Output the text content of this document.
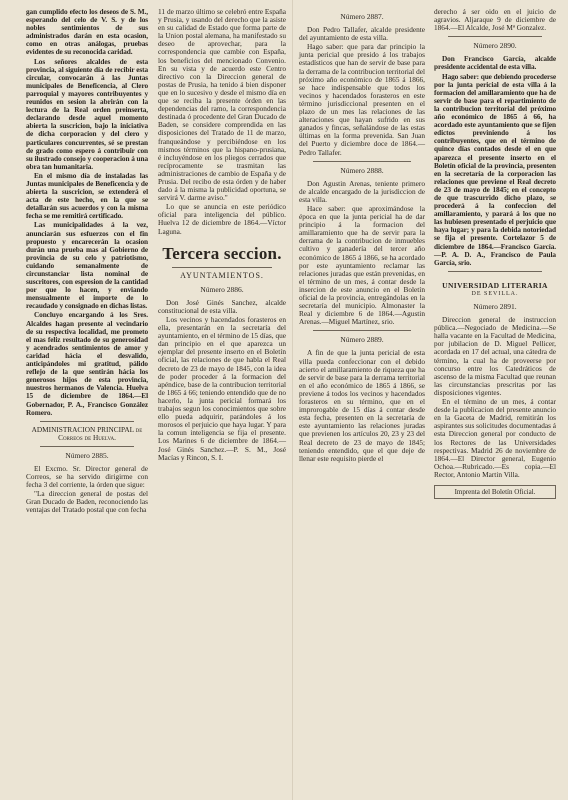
gan cumplido efecto los deseos de S. M., esperando del celo de V. S. y de los nobles sentimientos de sus administrados darán en esta ocasion, como en otras análogas, pruebas evidentes de su reconocida caridad.

Los señores alcaldes de esta provincia, al siguiente día de recibir esta circular, convocarán á las Juntas municipales de Beneficencia, al Clero parroquial y mayores contribuyentes y reunidos en sesion la abrirán con la lectura de la Real orden preinserta, declarando desde aquel momento abierta la suscricion, bajo la iniciativa de dicha corporacion y del clero y particulares concurrentes, sé se prestan de grado como espero á contribuir con su ilustrado consejo y cooperacion á una obra tan humanitaria.

En el mismo día de instaladas las Juntas municipales de Beneficencia y de abierta la suscricion, se extenderá el acta de este hecho, en la que se detallarán sus acuerdos y con la misma fecha se me remitirá certificado.

Las municipalidades á la vez, anunciarán sus esfuerzos con el fin propuesto y encarecerán la ocasion durán una prueba mas al Gobierno de provincia de su celo y patriotismo, cuidando semanalmente de circunstanciar lista nominal de suscritores, con espresion de la cantidad por que lo hacen, y enviando mensualmente el importe de lo recaudado y consignado en dichas listas.

Concluyo encargando á los Sres. Alcaldes hagan presente al vecindario de su respectiva localidad, me prometo el mas feliz resultado de su generosidad y acendrados sentimientos de amor y caridad hácia el desvalido, anticipándoles mi gratitud, pálido reflejo de la que sentirán hácia los generosos hijos de esta provincia, nuestros hermanos de Valencia. Huelva 15 de diciembre de 1864.—El Gobernador, P. A., Francisco González Romero.

ADMINISTRACION PRINCIPAL de Correos de Huelva.
Número 2885.

El Excmo. Sr. Director general de Correos, se ha servido dirigirme con fecha 3 del corriente, la órden que sigue:

"La direccion general de postas del Gran Ducado de Baden, reconociendo las ventajas del Tratado postal que con fecha

11 de marzo último se celebró entre España y Prusia, y usando del derecho que la asiste en su calidad de Estado que forma parte de la Union postal alemana, ha manifestado su deseo de aprovechar, para la correspondencia que cambie con España, los beneficios del mencionado Convenio. En su vista y de acuerdo este Centro directivo con la Direccion general de postas de Prusia, ha tenido á bien disponer que en lo sucesivo y desde el mismo día en que se reciba la presente órden en las dependencias del ramo, la correspondencia destinada ó procedente del Gran Ducado de Baden, se considere comprendida en las disposiciones del Tratado de 11 de marzo, franqueándose y percibiéndose en los mismos términos que la hispano-prusiana, é incluyéndose en los pliegos cerrados que recíprocamente se trasmitan las administraciones de cambio de España y de Prusia. Del recibo de esta órden y de haber dado á la misma la publicidad oportuna, se servirá V. darme aviso."

Lo que se anuncia en este periódico oficial para inteligencia del público. Huelva 12 de diciembre de 1864.—Víctor Laguna.

Tercera seccion.
AYUNTAMIENTOS.
Número 2886.

Don José Ginés Sanchez, alcalde constitucional de esta villa.

Los vecinos y hacendados forasteros en ella, presentarán en la secretaría del ayuntamiento, en el término de 15 días, que dan principio en el que aparezca un ejemplar del presente inserto en el Boletín oficial, las relaciones de que habla el Real decreto de 23 de mayo de 1845, con la idea de poder proceder á la formacion del apéndice, base de la contribucion territorial de 1865 á 66; teniendo entendido que de no hacerlo, la junta pericial formará los trabajos segun los conocimientos que sobre ello pueda adquirir, parándoles á los morosos el perjuicio que haya lugar. Y para la comun inteligencia se fija el presente. Los Marines 6 de diciembre de 1864.—José Ginés Sanchez.—P. S. M., José Macías y Rincon, S. I.

Número 2887.

Don Pedro Tallafer, alcalde presidente del ayuntamiento de esta villa.

Hago saber: que para dar principio la junta pericial que presido á los trabajos estadísticos que han de servir de base para la derrama de la contribucion territorial del próximo año económico de 1865 á 1866, se hace indispensable que todos los vecinos y hacendados forasteros en este término jurisdiccional presenten en el plazo de un mes las relaciones de las alteraciones que hayan sufrido en sus ganados y fincas, señalándose de las estas últimas en la forma prevenida. San Juan del Puerto y diciembre doce de 1864.—Pedro Tallafer.

Número 2888.

Don Agustin Arenas, teniente primero de alcalde encargado de la jurisdiccion de esta villa.

Hace saber: que aproximándose la época en que la junta pericial ha de dar principio á la formacion del amillaramiento que ha de servir para la derrama de la contribucion de inmuebles cultivo y ganadería del tercer año económico de 1865 á 1866, se ha acordado por este ayuntamiento reclamar las relaciones juradas que están prevenidas, en el término de un mes, á contar desde la insercion de este anuncio en el Boletín oficial de la provincia, entregándolas en la secretaría del municipio. Almonaster la Real y diciembre 6 de 1864.—Agustin Arenas.—Miguel Martínez, srio.

Número 2889.

A fin de que la junta pericial de esta villa pueda confeccionar con el debido acierto el amillaramiento de riqueza que ha de servir de base para la derrama territorial en el año económico de 1865 á 1866, se previene á todos los vecinos y hacendados forasteros en su término, que en el improrogable de 15 días á contar desde esta fecha, presenten en la secretaría de este ayuntamiento las relaciones juradas que previenen los artículos 20, 23 y 23 del Real decreto de 23 de mayo de 1845; teniendo entendido, que el que deje de llenar este requisito pierde el

derecho á ser oido en el juicio de agravios. Aljaraque 9 de diciembre de 1864.—El Alcalde, José Mª Gonzalez.

Número 2890.

Don Francisco García, alcalde presidente accidental de esta villa.

Hago saber: que debiendo procederse por la junta pericial de esta villa á la formacion del amillaramiento que ha de servir de base para el repartimiento de la contribucion territorial del próximo año económico de 1865 á 66, ha acordado este ayuntamiento que se fijen edictos previniendo á los contribuyentes, que en el término de quince días contados desde el en que aparezca el presente inserto en el Boletín oficial de la provincia, presenten en la secretaría de la corporacion las relaciones que previene el Real decreto de 23 de mayo de 1845; en el concepto de que trascurrido dicho plazo, se procederá á la confeccion del amillaramiento, y parará á los que no las hubiesen presentado el perjuicio que haya lugar; y para la debida notoriedad se fija el presente. Cortelazor 5 de diciembre de 1864.—Francisco García.—P. A. D. A., Francisco de Paula García, srio.

UNIVERSIDAD LITERARIA
DE SEVILLA.
Número 2891.

Direccion general de instruccion pública.—Negociado de Medicina.—Se halla vacante en la Facultad de Medicina, por jubilacion de D. Miguel Pellicer, acordada en 17 del actual, una cátedra de término, la cual ha de proveerse por concurso entre los Catedráticos de ascenso de la misma Facultad que reunan las circunstancias prescritas por las disposiciones vigentes.

En el término de un mes, á contar desde la publicacion del presente anuncio en la Gaceta de Madrid, remitirán los aspirantes sus solicitudes documentadas á esta Direccion general por conducto de los Rectores de las Universidades respectivas. Madrid 26 de noviembre de 1864.—El Director general, Eugenio Ochoa.—Rubricado.—Es copia.—El Rector, Antonio Martin Villa.

Imprenta del Boletín Oficial.
